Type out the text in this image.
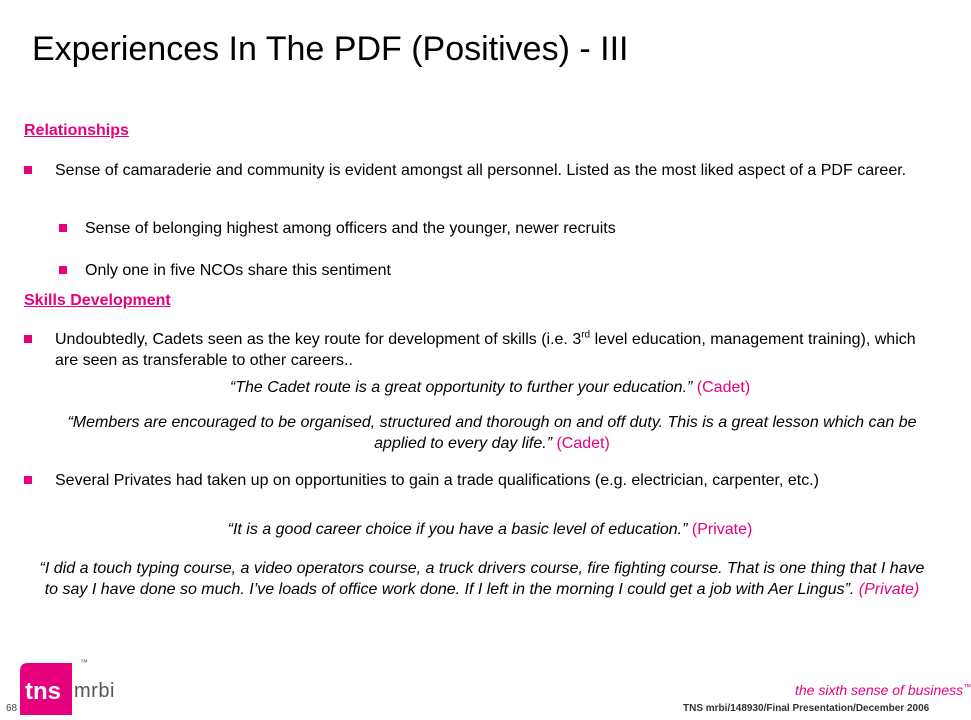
Experiences In The PDF (Positives) - III
Relationships
Sense of camaraderie and community is evident amongst all personnel. Listed as the most liked aspect of a PDF career.
Sense of belonging highest among officers and the younger, newer recruits
Only one in five NCOs share this sentiment
Skills Development
Undoubtedly, Cadets seen as the key route for development of skills (i.e. 3rd level education, management training), which are seen as transferable to other careers..
“The Cadet route is a great opportunity to further your education.” (Cadet)
“Members are encouraged to be organised, structured and thorough on and off duty. This is a great lesson which can be applied to every day life.” (Cadet)
Several Privates had taken up on opportunities to gain a trade qualifications (e.g. electrician, carpenter, etc.)
“It is a good career choice if you have a basic level of education.” (Private)
“I did a touch typing course, a video operators course, a truck drivers course, fire fighting course. That is one thing that I have to say I have done so much. I’ve loads of office work done. If I left in the morning I could get a job with Aer Lingus”. (Private)
68
tns
™
mrbi	the sixth sense of business™
TNS mrbi/148930/Final Presentation/December 2006
